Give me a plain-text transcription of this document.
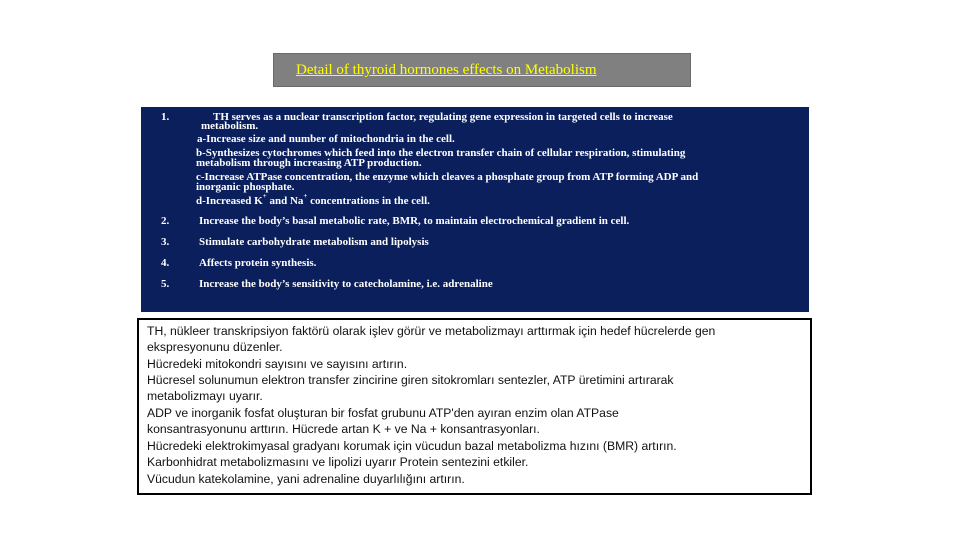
Detail of thyroid hormones effects on Metabolism
1.	TH serves as a nuclear transcription factor, regulating gene expression in targeted cells to increase
metabolism.
a-Increase size and number of mitochondria in the cell.
b-Synthesizes cytochromes which feed into the electron transfer chain of cellular respiration, stimulating
metabolism through increasing ATP production.
c-Increase ATPase concentration, the enzyme which cleaves a phosphate group from ATP forming ADP and
inorganic phosphate.
d-Increased K+ and Na+ concentrations in the cell.
2.	Increase the body’s basal metabolic rate, BMR, to maintain electrochemical gradient in cell.
3.	Stimulate carbohydrate metabolism and lipolysis
4.	Affects protein synthesis.
5.	Increase the body’s sensitivity to catecholamine, i.e. adrenaline
TH, nükleer transkripsiyon faktörü olarak işlev görür ve metabolizmayı arttırmak için hedef hücrelerde gen
ekspresyonunu düzenler.
Hücredeki mitokondri sayısını ve sayısını artırın.
Hücresel solunumun elektron transfer zincirine giren sitokromları sentezler, ATP üretimini artırarak
metabolizmayı uyarır.
ADP ve inorganik fosfat oluşturan bir fosfat grubunu ATP'den ayıran enzim olan ATPase
konsantrasyonunu arttırın. Hücrede artan K + ve Na + konsantrasyonları.
Hücredeki elektrokimyasal gradyanı korumak için vücudun bazal metabolizma hızını (BMR) artırın.
Karbonhidrat metabolizmasını ve lipolizi uyarır Protein sentezini etkiler.
Vücudun katekolamine, yani adrenaline duyarlılığını artırın.
